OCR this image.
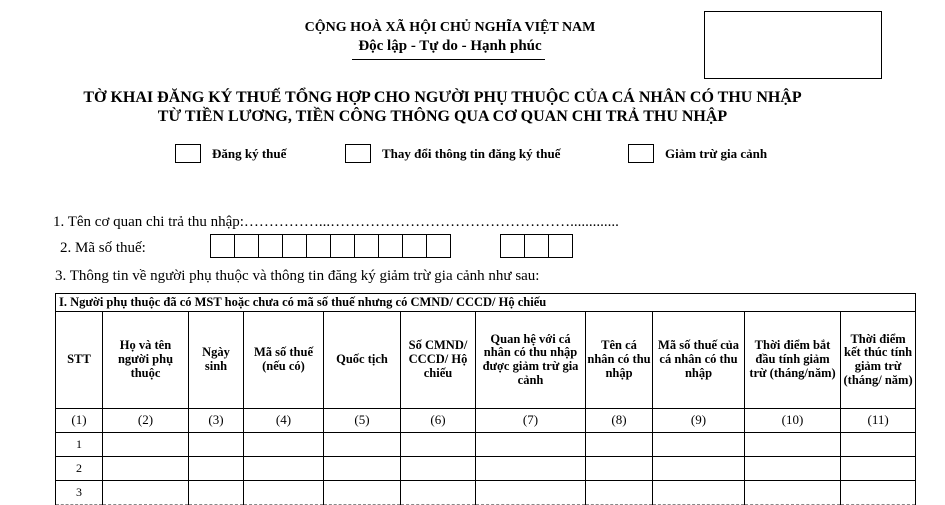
CỘNG HOÀ XÃ HỘI CHỦ NGHĨA VIỆT NAM
Độc lập - Tự do - Hạnh phúc
TỜ KHAI ĐĂNG KÝ THUẾ TỔNG HỢP CHO NGƯỜI PHỤ THUỘC CỦA CÁ NHÂN CÓ THU NHẬP
TỪ TIỀN LƯƠNG, TIỀN CÔNG THÔNG QUA CƠ QUAN CHI TRẢ THU NHẬP
Đăng ký thuế	Thay đổi thông tin đăng ký thuế	Giảm trừ gia cảnh
1. Tên cơ quan chi trả thu nhập:……………...………………………………………….............
2. Mã số thuế:
3. Thông tin về người phụ thuộc và thông tin đăng ký giảm trừ gia cảnh như sau:
I. Người phụ thuộc đã có MST hoặc chưa có mã số thuế nhưng có CMND/ CCCD/ Hộ chiếu										
STT	Họ và tên người phụ thuộc	Ngày sinh	Mã số thuế (nếu có)	Quốc tịch	Số CMND/ CCCD/ Hộ chiếu	Quan hệ với cá nhân có thu nhập được giảm trừ gia cảnh	Tên cá nhân có thu nhập	Mã số thuế của cá nhân có thu nhập	Thời điểm bắt đầu tính giảm trừ (tháng/năm)	Thời điểm kết thúc tính giảm trừ (tháng/ năm)
(1)	(2)	(3)	(4)	(5)	(6)	(7)	(8)	(9)	(10)	(11)
1										
2										
3										
